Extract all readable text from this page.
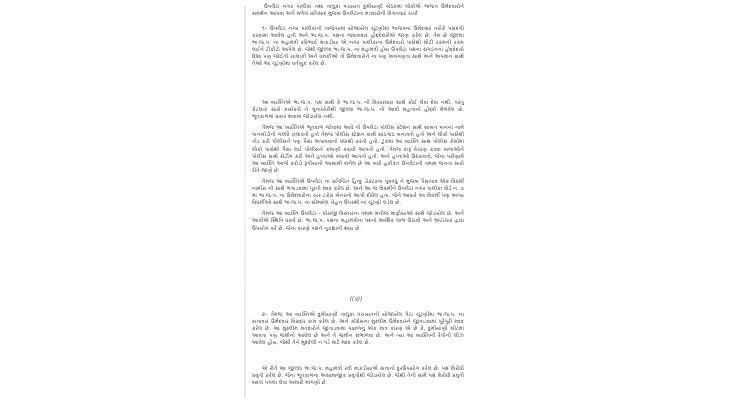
ઉપલેટા નગર પાલીકા તથા તાલુકા પંચાયત દુમીયાણી બેઠકમાં લોકોએ ભાજપ ઉમેદવારોને સમર્થન આપવા અંગે મળેલ પ્રતિસાદ મુજબ ઉપલેટાના મતદારોની વિગતવાર ચર્ચા

૧– ઉપલેટા નગર પાલીકાની તાજેતરમાં યોજાયેલ ચૂંટણીમાં ભાજપના ઉમેદવાર તરીકે પસંદગી કરવામાં આવેલ હતી અને ભા.જ.પ. પક્ષના જવાબદાર હોદ્દેદારોએ જાણ કરેલ છે. તેમ છે જીલ્લા ભા.જ.પ. ના મહામંત્રી રવિભાઈ માકડીયા એ નગર પાલીકાના ઉમેદવારો પાસેથી મોટી રકમની રકમ લઈને ટીકીટો આપેલ છે. જેથી જીલ્લા ભા.જ.પ. ના મહામંત્રી હોય ઉપલેટા પક્ષના સંગઠનના હોદ્દેદારો દિશા પણ જોઈતી ચાલાકી અને ધમકીઓ તો ઉમેદવારોને ના પણ અવગણતા સાથે અને અપમાન સાથે તેઓ આ ચૂંટણીમાં વર્તણુક કરેલ છે.

આ વ્યક્તિએ ભા.જ.પ. પક્ષ સાથે કે ભા.જ.પ. ની વિચારધારા સાથે કોઈ લેવા દેવા નથી. પરંતુ કેટલાક સારો કાર્યકરો ને ગુનાખોરીથી જીલ્લા ભા.જ.પ. નો આવી મહત્વનો હોદ્દો મેળવેલ છે. ભૂતકાળમાં પ્રકાર થવામાં જોડાયેલ નથી.

તેમજ આ વ્યક્તિએ ભૂતકાળ જોવામાં આવે તો ઉપલેટા પોલીસ સ્ટેશન સાથે સાબત પાનના નામે પાનબીડીનો ગલ્લો ચલાવતો હતો તેમજ પોલીસ સ્ટેશન સાથે સાંઠગાંઠ બનાવતો હતો અને લોકો પાસેથી તોડ કરી પોલીસને પણ પૈસા અપાવવાનો ધંધાથી કરતો હતો. ટુંકમાં આ વ્યક્તિ સાથ પોલીસ કેસોમાં લોકો પાસેથી પૈસા લઈ પોલીસને કમાણી કરાવી આપતો હતો. તેમજ દારૂ વેચાણ કરવા વાળાઓને પોલીસ સાથે સેટીંગ કરી અને હપ્તાઓ બંધાવી આપતો હતો. અને હપ્તાઓ ઉઘરાવતો, જેના પરીણામે આ વ્યક્તિ આજે કરોડો રૂપીયાનો આસામી બનેલ છે આ બધી હકીકત ઉપલેટાની તમામ જનતા સારી રીતે જાણે છે.

તેમજ આ વ્યક્તિએ ઉપલેટા ના પ્રતિષ્ઠિત હિન્દુ ડોક્ટરના પુત્રવધુ ને મુજબ પૈસાપાત્ર એક વિધર્મી નામીરા ની સાથે ભગાડવામાં પૂરતી મદદ કરેલ છે. અને આ જ વિધર્મીને ઉપલેટા નગર પાલીકા વોર્ડ નં. ૭ માં ભા.જ.પ. ના ઉમેદવારોના ચાર ટકેરા બેનરનો આપી દીધેલ હતા. જેને આધારે આ વિધર્મી પણ અન્ય વિધર્મીઓ સાથે ભા.જ.પ. ના સીમ્બોલ ચેહન ઉપરથી ના ચૂંટણી લડેલ છે.

તેમજ આ વ્યક્તિ ઉપલેટા – ધોરાજી વિસ્તારના તમામ મનીજ માફીયાઓ સાથે જોડાયેલ છે. અને આવીએ સ્થિતિ ધરાવે છે. ભા.જ.પ. પક્ષના મહામંત્રીના પદનો આર્થિક લાભ ઉઠાવી અને ભ્રષ્ટાચાર દ્વારા ઉપયોગ કરે છે. જેના કારણે પક્ષને નુકશાની થાય છે.

((૨))

૨– તેમજ આ વ્યક્તિએ દુમીયાણી તાલુકા પંચાયતની યોજાયેલ પેટા ચૂંટણીમા ભા.જ.પ. ના સત્તાવાર ઉમેદવાર વિરુદ્ધ કામ કરેલ છે. અને કોંગ્રેસના મુસ્લીમ ઉમેદવારને જીતાડવામાં પૂરેપૂરી મદદ કરેલ છે. આ મુસ્લીમ મતદારોને જીતાડવામાં પાછળનું એક માત્ર કારણ એ છે કે, દુમીયાણી સીટમાં આવતા પણ જમીનો આવેલ છે અને તે જમીન સંભાળવા છે. અને ત્યાં આ વ્યક્તિની રેતીની લીઝ આવેલ હોય, જેથી તેને મુશ્કેલી ન પડે માટે મદદ કરેલ છે.

એ રીતે આ જીલ્લા ભા.જ.પ. મહામંત્રી રવી માકડીયાએ સત્તાનો દુરઉપયોગ કરેલ છે. પક્ષ વિરોધી પ્રવૃતી કરેલ છે. જેના ભૂતકાળના અસામાજીક પ્રવૃતીથી જોડાયેલ છે. જેથી તેની સામે પક્ષ વિરોધી પ્રવૃતી બદલ પગલા લેવા અમારી માંગણી છે.
